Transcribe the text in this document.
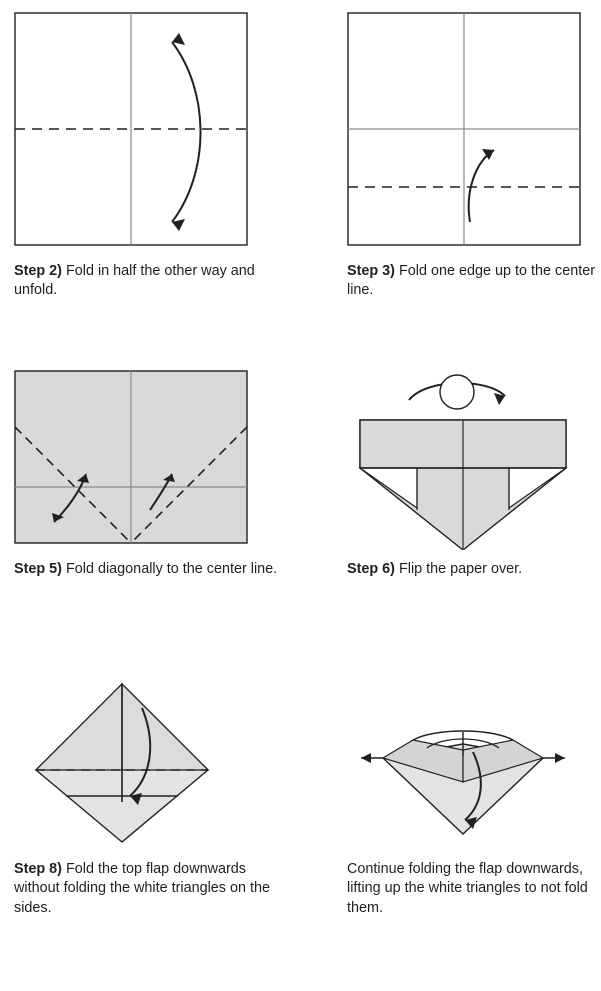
Step 2) Fold in half the other way and unfold.
Step 3) Fold one edge up to the center line.
Step 5) Fold diagonally to the center line.	Step 6) Flip the paper over.
Step 8) Fold the top flap downwards without folding the white triangles on the sides.
Continue folding the flap downwards, lifting up the white triangles to not fold them.
